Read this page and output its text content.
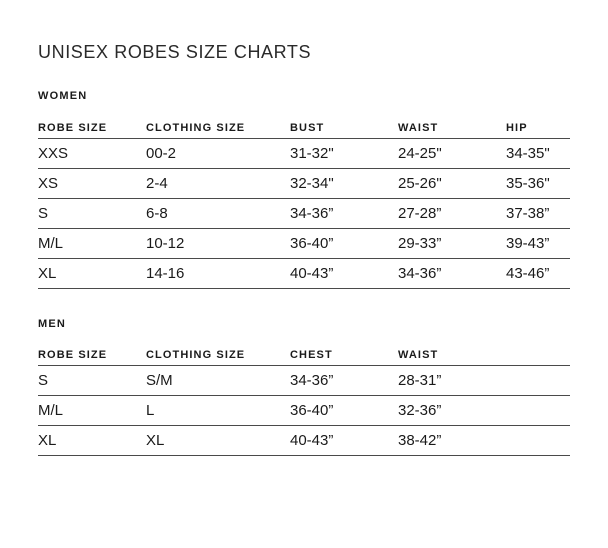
UNISEX ROBES SIZE CHARTS
WOMEN
ROBE SIZE	CLOTHING SIZE	BUST	WAIST	HIP
XXS	00-2	31-32"	24-25"	34-35"
XS	2-4	32-34"	25-26"	35-36"
S	6-8	34-36”	27-28”	37-38”
M/L	10-12	36-40”	29-33”	39-43”
XL	14-16	40-43”	34-36”	43-46”
MEN
ROBE SIZE	CLOTHING SIZE	CHEST	WAIST	
S	S/M	34-36”	28-31”	
M/L	L	36-40”	32-36”	
XL	XL	40-43”	38-42”	
